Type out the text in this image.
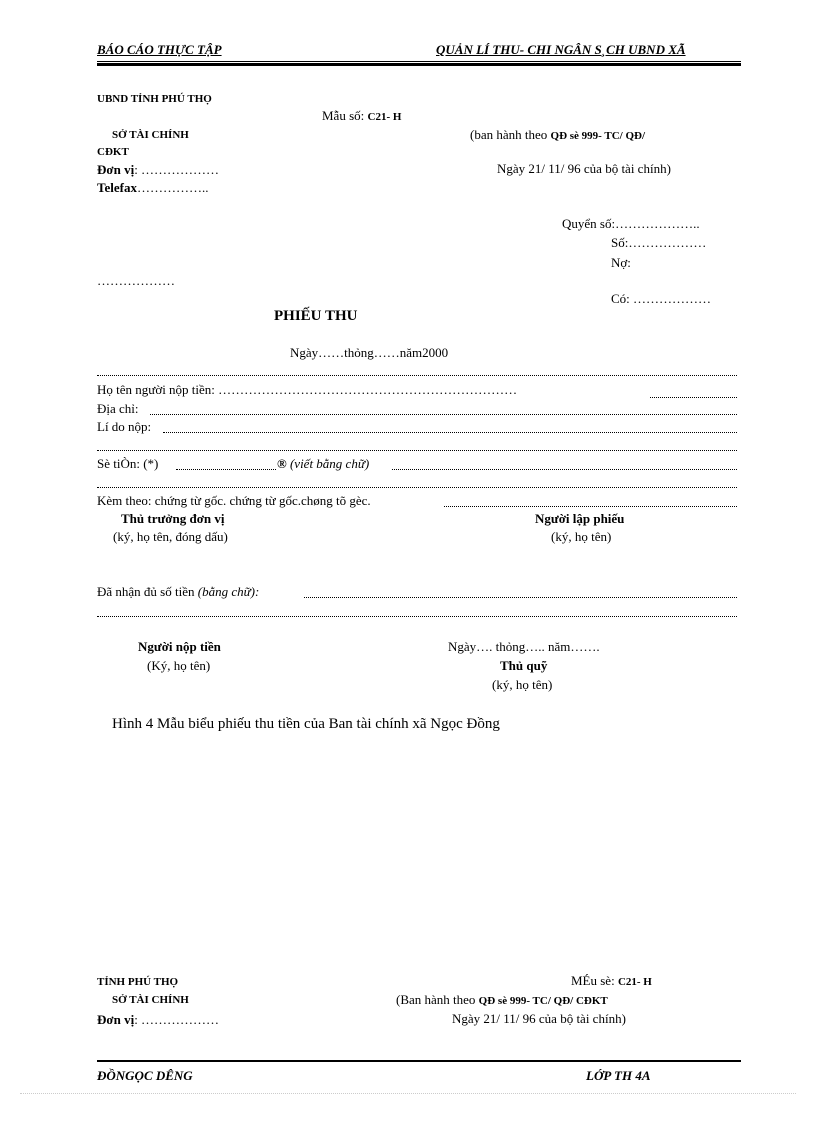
BÁO CÁO THỰC TẬP	QUẢN LÍ THU- CHI NGÂN S¸CH UBND XÃ
UBND TỈNH PHÚ THỌ
Mẫu số: C21- H
SỞ TÀI CHÍNH	(ban hành theo QĐ sè 999- TC/ QĐ/
CĐKT
Đơn vị: ………………	Ngày 21/ 11/ 96 của bộ tài chính)
Telefax……………..
Quyển số:………………..
Số:………………
Nợ:
………………
Có: ………………
PHIẾU THU
Ngày……thỏng……năm2000
Họ tên người nộp tiền: ……………………………………………………………
Địa chỉ:
Lí do nộp:
Sè tiÒn: (*)	® (viết bằng chữ)
Kèm theo: chứng từ gốc. chứng từ gốc.chøng tõ gèc.
Thủ trưởng đơn vị
(ký, họ tên, đóng dấu)
Người lập phiếu
(ký, họ tên)
Đã nhận đủ số tiền (bằng chữ):
Người nộp tiền
(Ký, họ tên)
Ngày…. thỏng….. năm…….
Thủ quỹ
(ký, họ tên)
Hình 4 Mẫu biểu phiếu thu tiền của Ban tài chính xã Ngọc Đồng
TỈNH PHÚ THỌ	MÉu sè: C21- H
SỞ TÀI CHÍNH	(Ban hành theo QĐ sè 999- TC/ QĐ/ CĐKT
Đơn vị: ………………	Ngày 21/ 11/ 96 của bộ tài chính)
ĐỒNGỌC DÊNG	LỚP TH 4A
